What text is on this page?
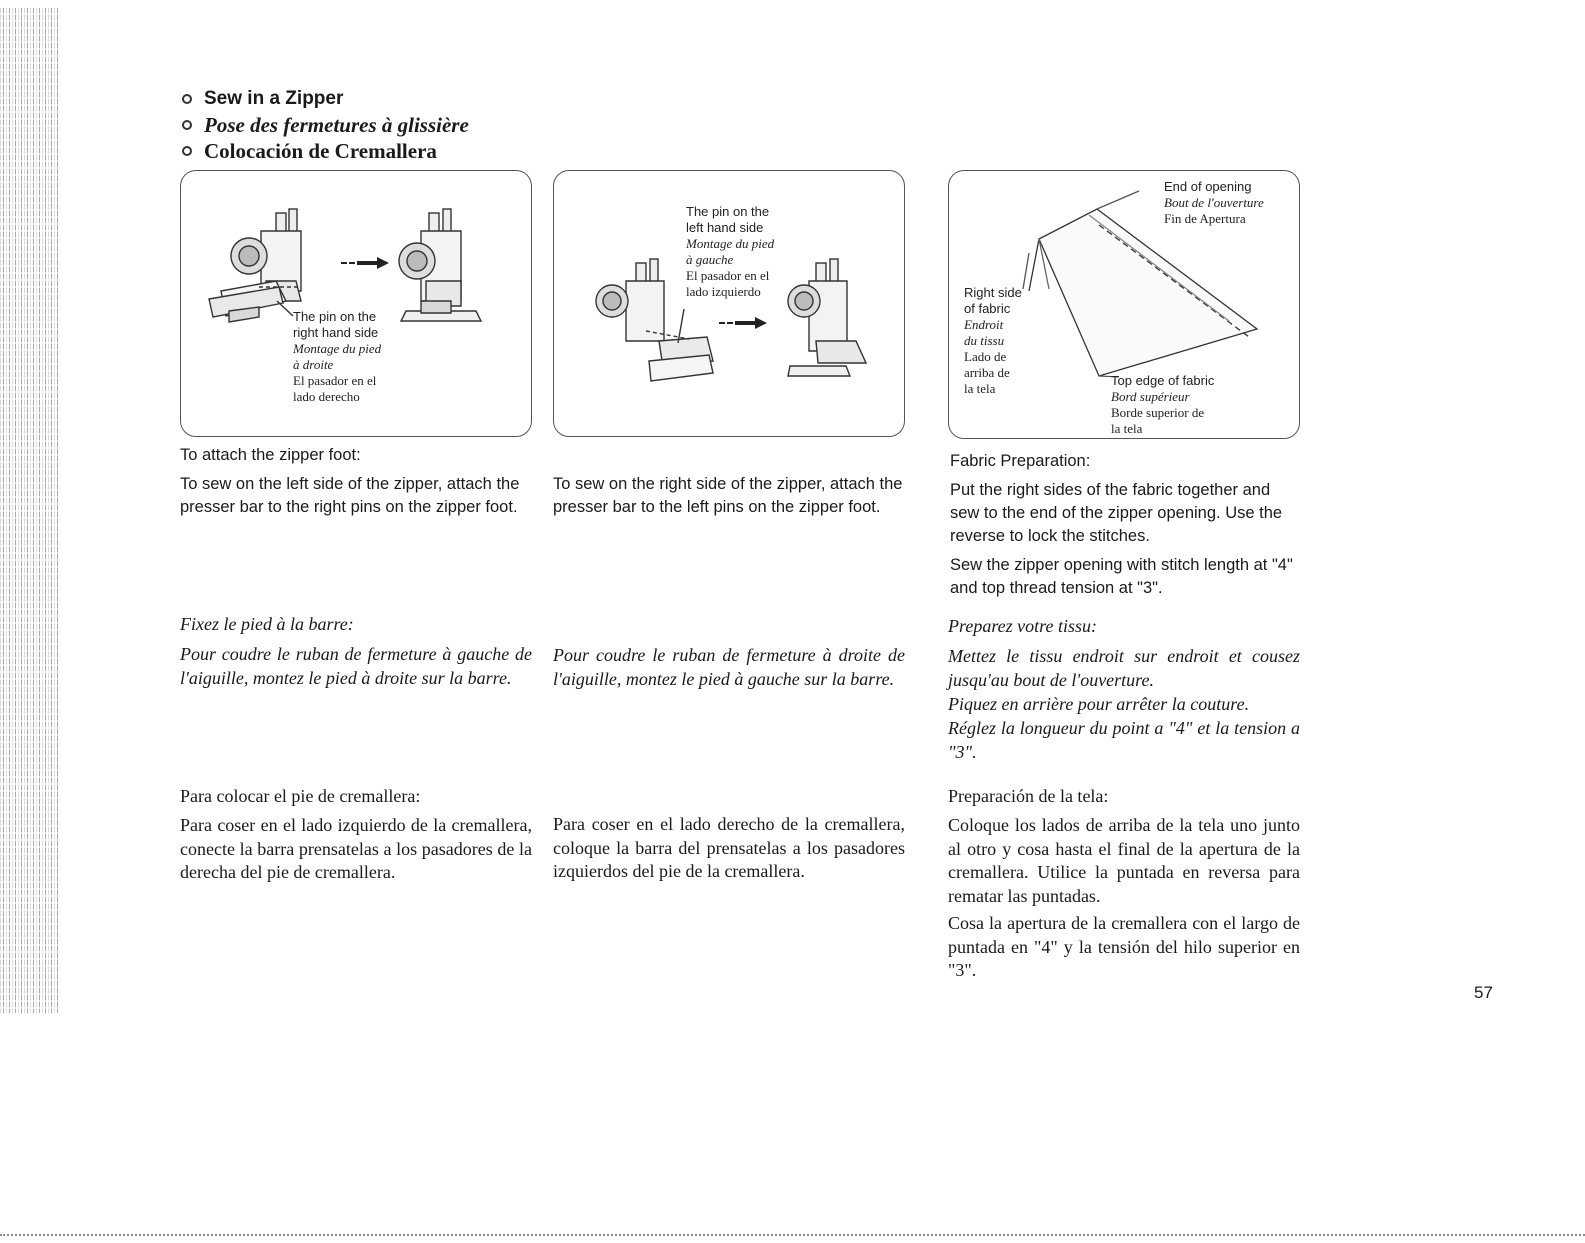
Sew in a Zipper
Pose des fermetures à glissière
Colocación de Cremallera
The pin on the
right hand side
Montage du pied
à droite
El pasador en el
lado derecho
The pin on the
left hand side
Montage du pied
à gauche
El pasador en el
lado izquierdo
End of opening
Bout de l'ouverture
Fin de Apertura
Right side
of fabric
Endroit
du tissu
Lado de
arriba de
la tela
Top edge of fabric
Bord supérieur
Borde superior de
la tela

To attach the zipper foot:

To sew on the left side of the zipper, attach the presser bar to the right pins on the zipper foot.

Fixez le pied à la barre:

Pour coudre le ruban de fermeture à gauche de l'aiguille, montez le pied à droite sur la barre.

Para colocar el pie de cremallera:

Para coser en el lado izquierdo de la cremallera, conecte la barra prensatelas a los pasadores de la derecha del pie de cremallera.

To sew on the right side of the zipper, attach the presser bar to the left pins on the zipper foot.

Pour coudre le ruban de fermeture à droite de l'aiguille, montez le pied à gauche sur la barre.

Para coser en el lado derecho de la cremallera, coloque la barra del prensatelas a los pasadores izquierdos del pie de la cremallera.

Fabric Preparation:

Put the right sides of the fabric together and sew to the end of the zipper opening. Use the reverse to lock the stitches.

Sew the zipper opening with stitch length at "4" and top thread tension at "3".

Preparez votre tissu:

Mettez le tissu endroit sur endroit et cousez jusqu'au bout de l'ouverture.

Piquez en arrière pour arrêter la couture.

Réglez la longueur du point a "4" et la tension a "3".

Preparación de la tela:

Coloque los lados de arriba de la tela uno junto al otro y cosa hasta el final de la apertura de la cremallera. Utilice la puntada en reversa para rematar las puntadas.

Cosa la apertura de la cremallera con el largo de puntada en "4" y la tensión del hilo superior en "3".

57
